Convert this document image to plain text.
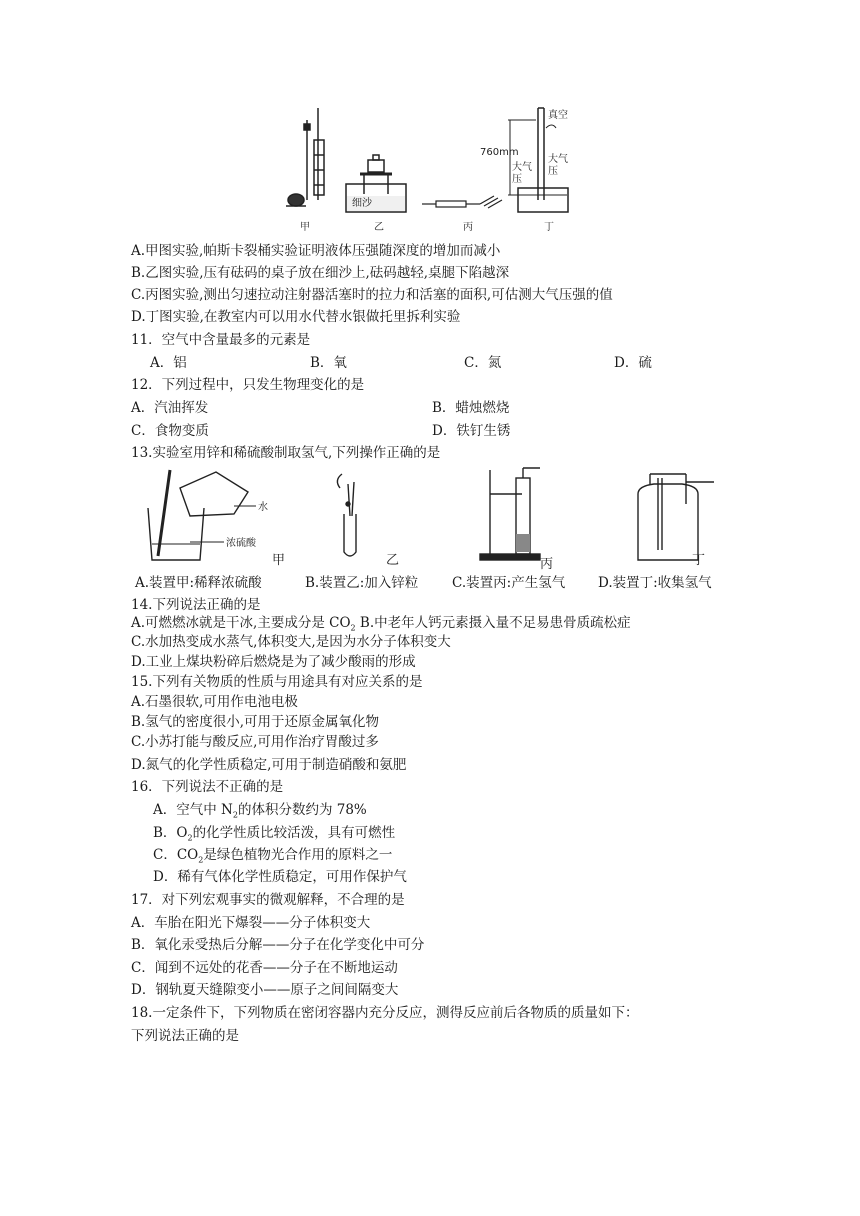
细沙
真空
760mm
大气
压
大气
压
甲	乙	丙	丁
A.甲图实验,帕斯卡裂桶实验证明液体压强随深度的增加而减小
B.乙图实验,压有砝码的桌子放在细沙上,砝码越轻,桌腿下陷越深
C.丙图实验,测出匀速拉动注射器活塞时的拉力和活塞的面积,可估测大气压强的值
D.丁图实验,在教室内可以用水代替水银做托里拆利实验
11．空气中含量最多的元素是
A．铝	B．氧	C．氮	D．硫
12．下列过程中，只发生物理变化的是
A．汽油挥发	B．蜡烛燃烧
C．食物变质	D．铁钉生锈
13.实验室用锌和稀硫酸制取氢气,下列操作正确的是
水
浓硫酸
甲	乙	丙	丁
A.装置甲:稀释浓硫酸	B.装置乙:加入锌粒 C.装置丙:产生氢气 D.装置丁:收集氢气
14.下列说法正确的是
A.可燃燃冰就是干冰,主要成分是 $CO_2$ B.中老年人钙元素摄入量不足易患骨质疏松症
C.水加热变成水蒸气,体积变大,是因为水分子体积变大
D.工业上煤块粉碎后燃烧是为了减少酸雨的形成
15.下列有关物质的性质与用途具有对应关系的是
A.石墨很软,可用作电池电极
B.氢气的密度很小,可用于还原金属氧化物
C.小苏打能与酸反应,可用作治疗胃酸过多
D.氮气的化学性质稳定,可用于制造硝酸和氨肥
16．下列说法不正确的是
A．空气中 $N_2$的体积分数约为 78%
B．$O_2$的化学性质比较活泼，具有可燃性
C．$CO_2$是绿色植物光合作用的原料之一
D．稀有气体化学性质稳定，可用作保护气
17．对下列宏观事实的微观解释，不合理的是
A．车胎在阳光下爆裂——分子体积变大
B．氧化汞受热后分解——分子在化学变化中可分
C．闻到不远处的花香——分子在不断地运动
D．钢轨夏天缝隙变小——原子之间间隔变大
18.一定条件下，下列物质在密闭容器内充分反应，测得反应前后各物质的质量如下：
下列说法正确的是
